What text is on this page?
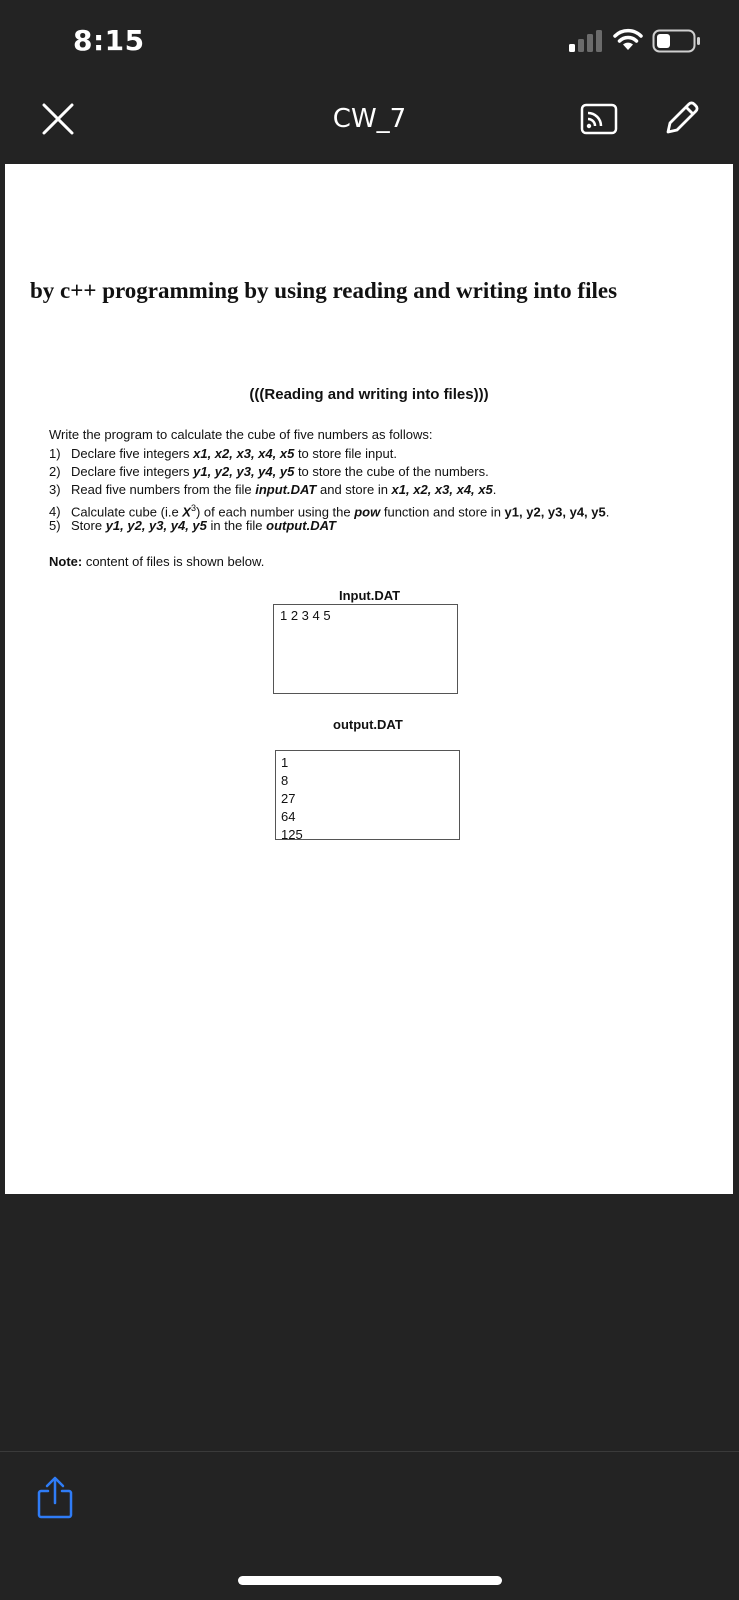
8:15
CW_7
by c++ programming by using reading and writing into files
(((Reading and writing into files)))
Write the program to calculate the cube of five numbers as follows:
1) Declare five integers x1, x2, x3, x4, x5 to store file input.
2) Declare five integers y1, y2, y3, y4, y5 to store the cube of the numbers.
3) Read five numbers from the file input.DAT and store in x1, x2, x3, x4, x5.
4) Calculate cube (i.e $X^3$) of each number using the pow function and store in y1, y2, y3, y4, y5.
5) Store y1, y2, y3, y4, y5 in the file output.DAT
Note: content of files is shown below.
Input.DAT
1 2 3 4 5
output.DAT
1
8
27
64
125
